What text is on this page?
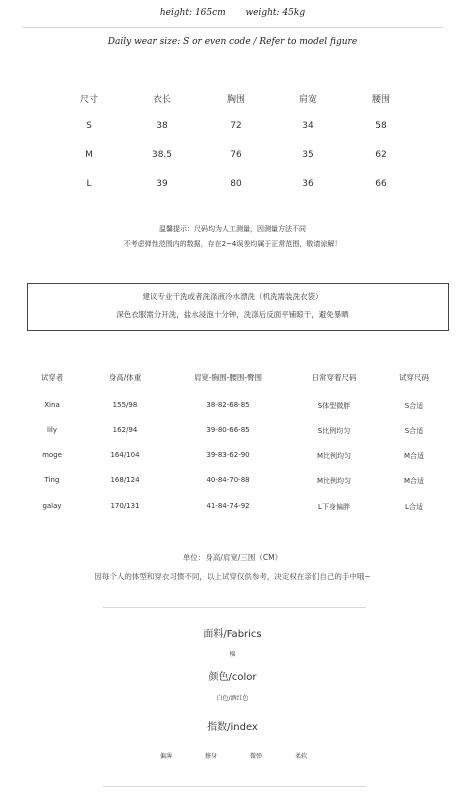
height: 165cm weight: 45kg
Daily wear size: S or even code / Refer to model figure
尺寸	衣长	胸围	肩宽	腰围
S	38	72	34	58
M	38.5	76	35	62
L	39	80	36	66
温馨提示：尺码均为人工测量，因测量方法不同
不考虑弹性范围内的数据，存在2~4误差均属于正常范围，敬请谅解！
建议专业干洗或者洗涤液冷水漂洗（机洗需装洗衣袋）
深色衣服需分开洗，盐水浸泡十分钟，洗涤后反面平铺晾干，避免暴晒
试穿者	身高/体重	肩宽-胸围-腰围-臀围	日常穿着尺码	试穿尺码
Xina	155/98	38-82-68-85	S体型微胖	S合适
lily	162/94	39-80-66-85	S比例均匀	S合适
moge	164/104	39-83-62-90	M比例均匀	M合适
Ting	168/124	40-84-70-88	M比例均匀	M合适
galay	170/131	41-84-74-92	L下身偏胖	L合适
单位：身高/肩宽/三围（CM）
因每个人的体型和穿衣习惯不同，以上试穿仅供参考，决定权在亲们自己的手中哦~
面料/Fabrics
棉
颜色/color
白色/酒红色
指数/index
偏薄	修身	微弹	柔软
